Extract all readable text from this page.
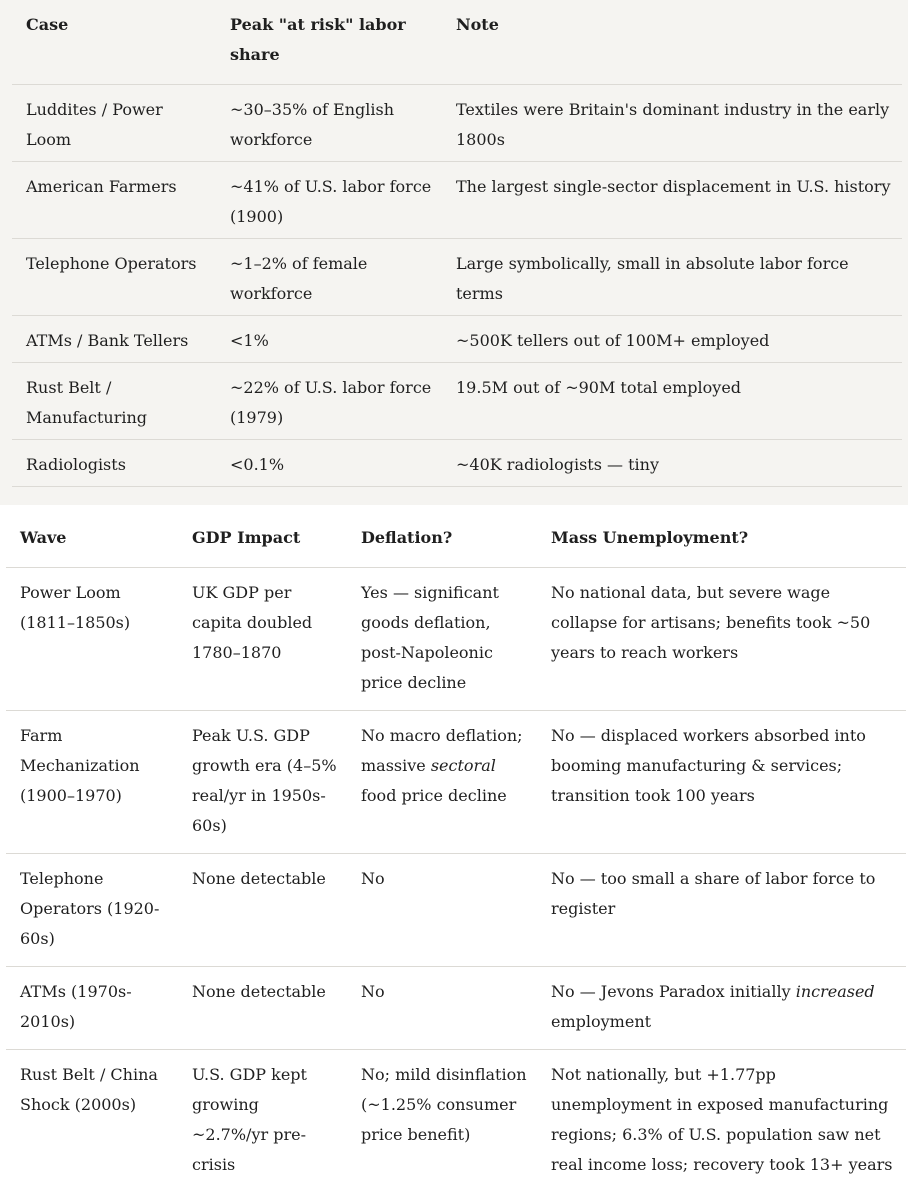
Case	Peak "at risk" labor share	Note
Luddites / Power Loom	~30–35% of English workforce	Textiles were Britain's dominant industry in the early 1800s
American Farmers	~41% of U.S. labor force (1900)	The largest single-sector displacement in U.S. history
Telephone Operators	~1–2% of female workforce	Large symbolically, small in absolute labor force terms
ATMs / Bank Tellers	<1%	~500K tellers out of 100M+ employed
Rust Belt / Manufacturing	~22% of U.S. labor force (1979)	19.5M out of ~90M total employed
Radiologists	<0.1%	~40K radiologists — tiny
Wave	GDP Impact	Deflation?	Mass Unemployment?
Power Loom (1811–1850s)	UK GDP per capita doubled 1780–1870	Yes — significant goods deflation, post-Napoleonic price decline	No national data, but severe wage collapse for artisans; benefits took ~50 years to reach workers
Farm Mechanization (1900–1970)	Peak U.S. GDP growth era (4–5% real/yr in 1950s-60s)	No macro deflation; massive sectoral food price decline	No — displaced workers absorbed into booming manufacturing & services; transition took 100 years
Telephone Operators (1920-60s)	None detectable	No	No — too small a share of labor force to register
ATMs (1970s-2010s)	None detectable	No	No — Jevons Paradox initially increased employment
Rust Belt / China Shock (2000s)	U.S. GDP kept growing ~2.7%/yr pre-crisis	No; mild disinflation (~1.25% consumer price benefit)	Not nationally, but +1.77pp unemployment in exposed manufacturing regions; 6.3% of U.S. population saw net real income loss; recovery took 13+ years
